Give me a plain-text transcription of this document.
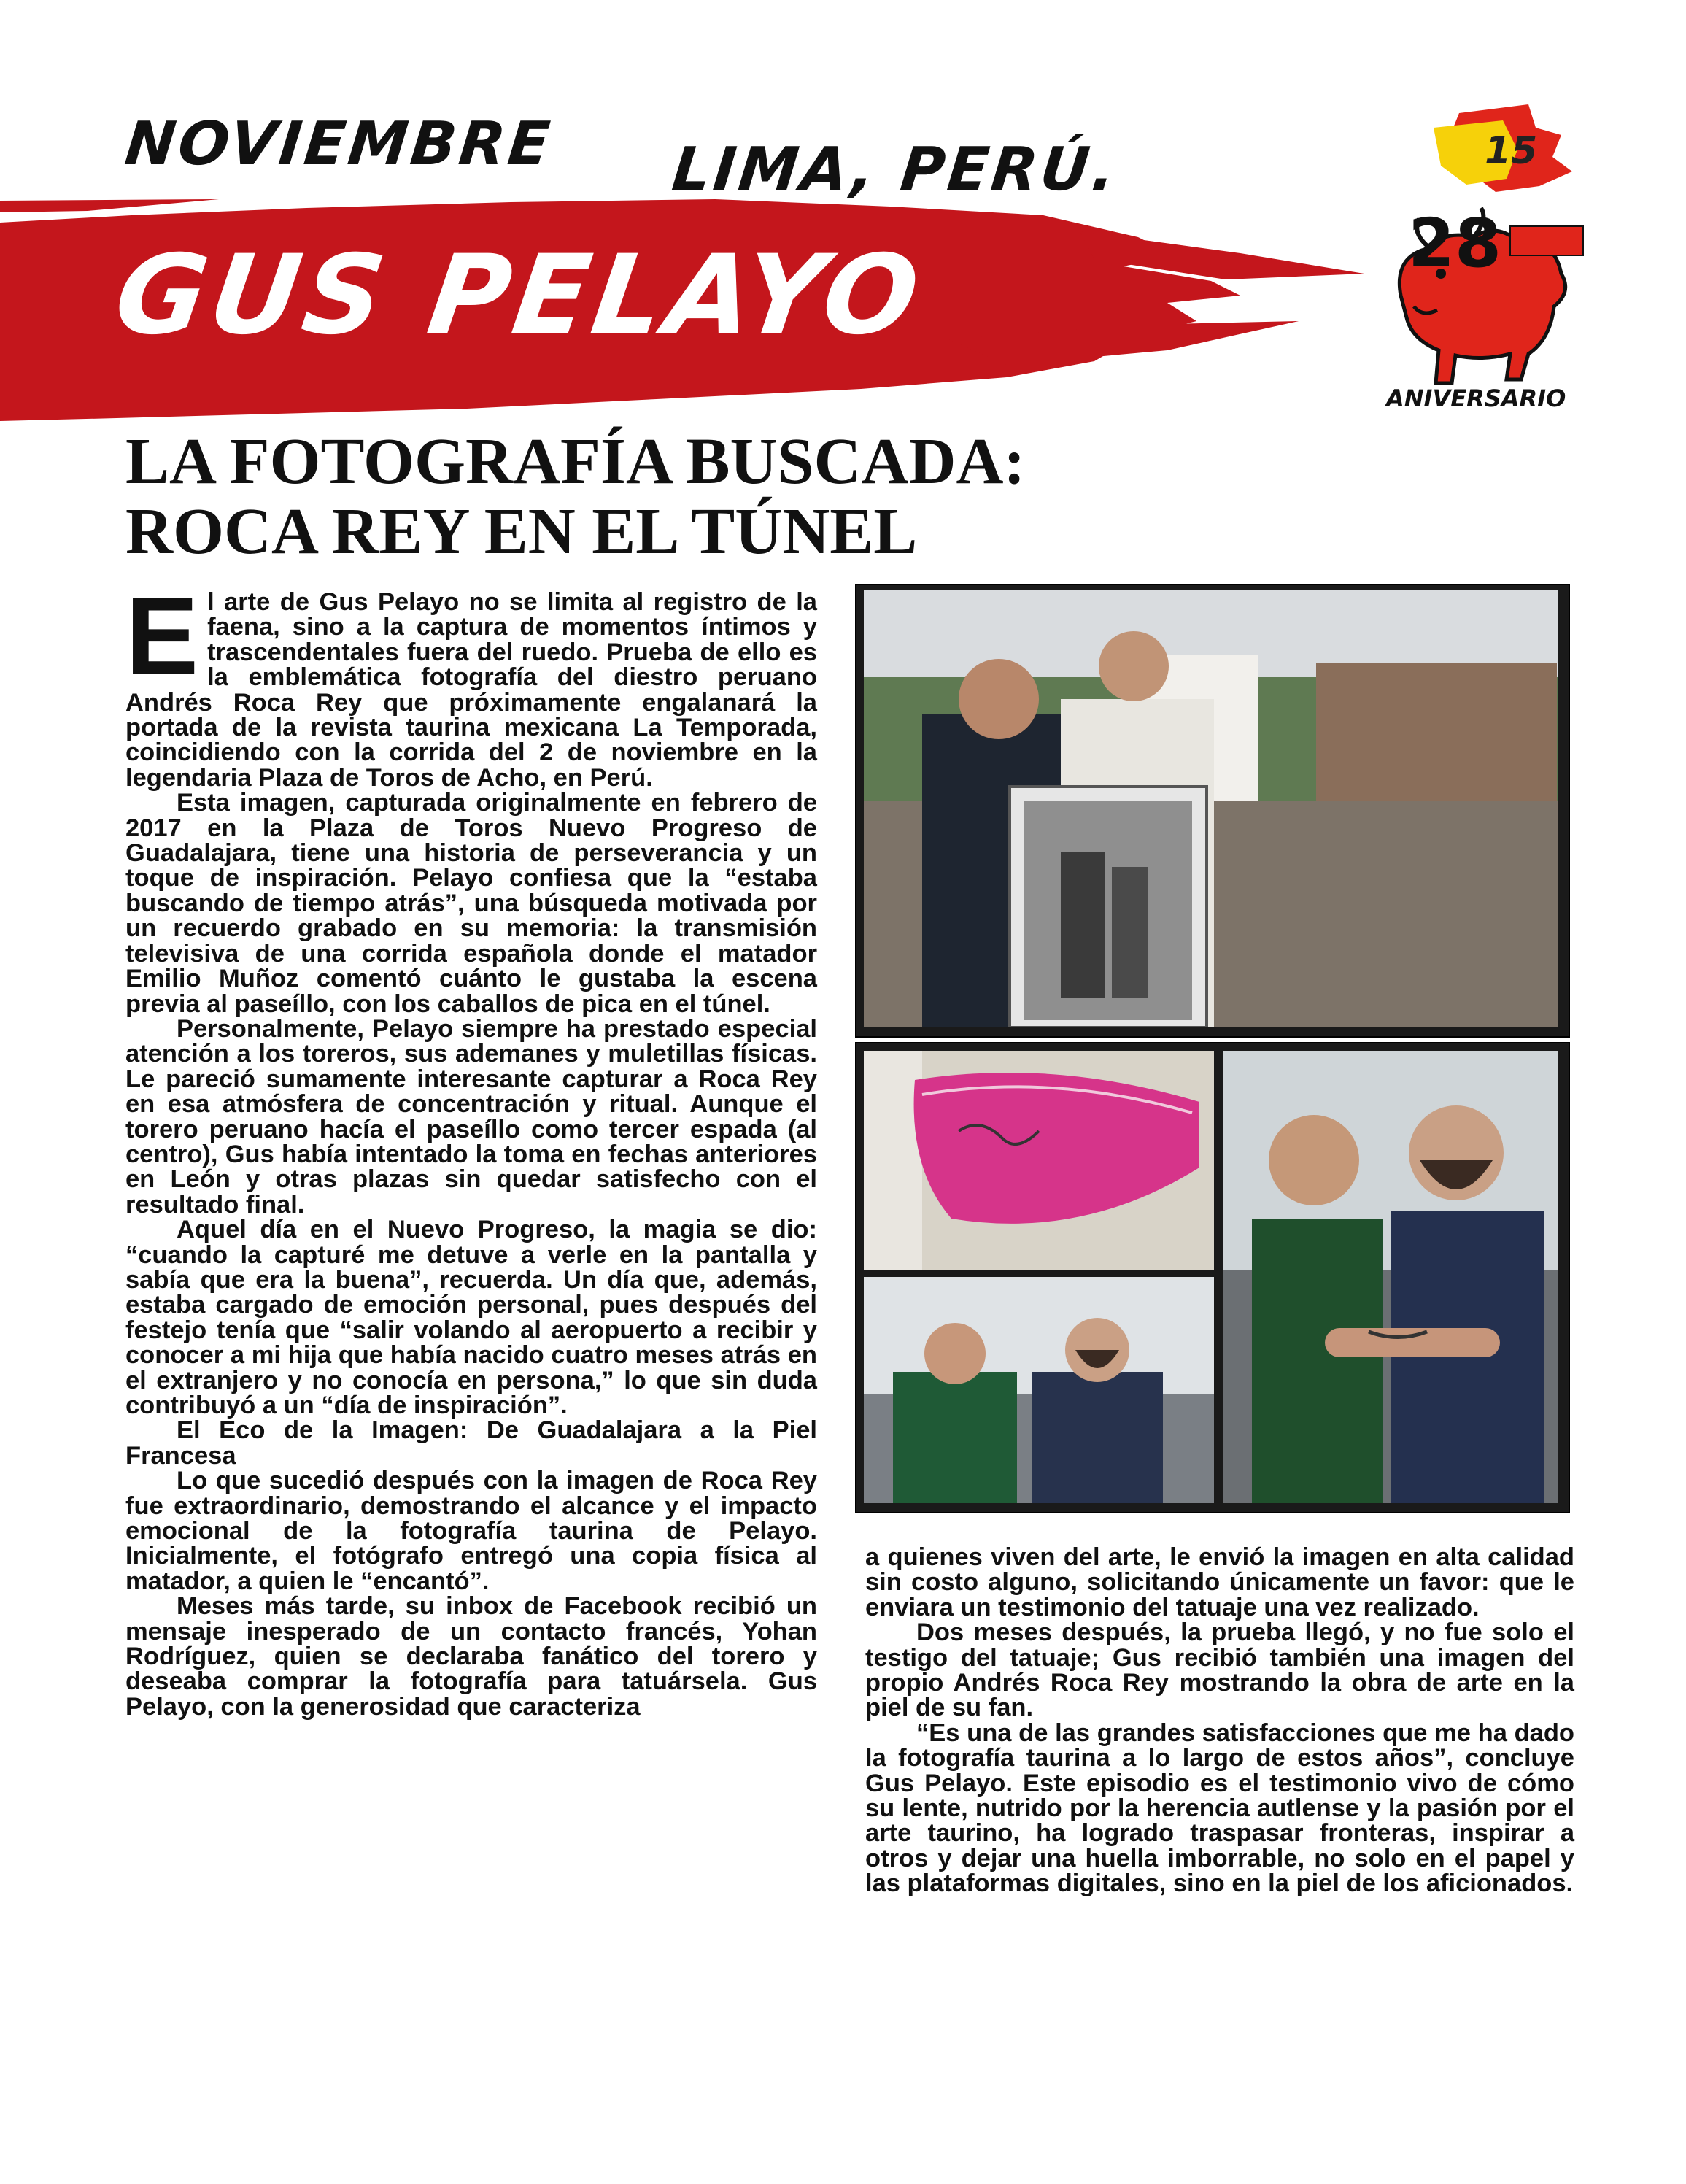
NOVIEMBRE LIMA, PERÚ.
GUS PELAYO
15
28
ANIVERSARIO
LA FOTOGRAFÍA BUSCADA:
ROCA REY EN EL TÚNEL

El arte de Gus Pelayo no se limita al registro de la faena, sino a la captura de momentos íntimos y trascendentales fuera del ruedo. Prueba de ello es la emblemática fotografía del diestro peruano Andrés Roca Rey que próximamente engalanará la portada de la revista taurina mexicana La Temporada, coincidiendo con la corrida del 2 de noviembre en la legendaria Plaza de Toros de Acho, en Perú.

Esta imagen, capturada originalmente en febrero de 2017 en la Plaza de Toros Nuevo Progreso de Guadalajara, tiene una historia de perseverancia y un toque de inspiración. Pelayo confiesa que la “estaba buscando de tiempo atrás”, una búsqueda motivada por un recuerdo grabado en su memoria: la transmisión televisiva de una corrida española donde el matador Emilio Muñoz comentó cuánto le gustaba la escena previa al paseíllo, con los caballos de pica en el túnel.

Personalmente, Pelayo siempre ha prestado especial atención a los toreros, sus ademanes y muletillas físicas. Le pareció sumamente interesante capturar a Roca Rey en esa atmósfera de concentración y ritual. Aunque el torero peruano hacía el paseíllo como tercer espada (al centro), Gus había intentado la toma en fechas anteriores en León y otras plazas sin quedar satisfecho con el resultado final.

Aquel día en el Nuevo Progreso, la magia se dio: “cuando la capturé me detuve a verle en la pantalla y sabía que era la buena”, recuerda. Un día que, además, estaba cargado de emoción personal, pues después del festejo tenía que “salir volando al aeropuerto a recibir y conocer a mi hija que había nacido cuatro meses atrás en el extranjero y no conocía en persona,” lo que sin duda contribuyó a un “día de inspiración”.

El Eco de la Imagen: De Guadalajara a la Piel Francesa

Lo que sucedió después con la imagen de Roca Rey fue extraordinario, demostrando el alcance y el impacto emocional de la fotografía taurina de Pelayo. Inicialmente, el fotógrafo entregó una copia física al matador, a quien le “encantó”.

Meses más tarde, su inbox de Facebook recibió un mensaje inesperado de un contacto francés, Yohan Rodríguez, quien se declaraba fanático del torero y deseaba comprar la fotografía para tatuársela. Gus Pelayo, con la generosidad que caracteriza

a quienes viven del arte, le envió la imagen en alta calidad sin costo alguno, solicitando únicamente un favor: que le enviara un testimonio del tatuaje una vez realizado.

Dos meses después, la prueba llegó, y no fue solo el testigo del tatuaje; Gus recibió también una imagen del propio Andrés Roca Rey mostrando la obra de arte en la piel de su fan.

“Es una de las grandes satisfacciones que me ha dado la fotografía taurina a lo largo de estos años”, concluye Gus Pelayo. Este episodio es el testimonio vivo de cómo su lente, nutrido por la herencia autlense y la pasión por el arte taurino, ha logrado traspasar fronteras, inspirar a otros y dejar una huella imborrable, no solo en el papel y las plataformas digitales, sino en la piel de los aficionados.
